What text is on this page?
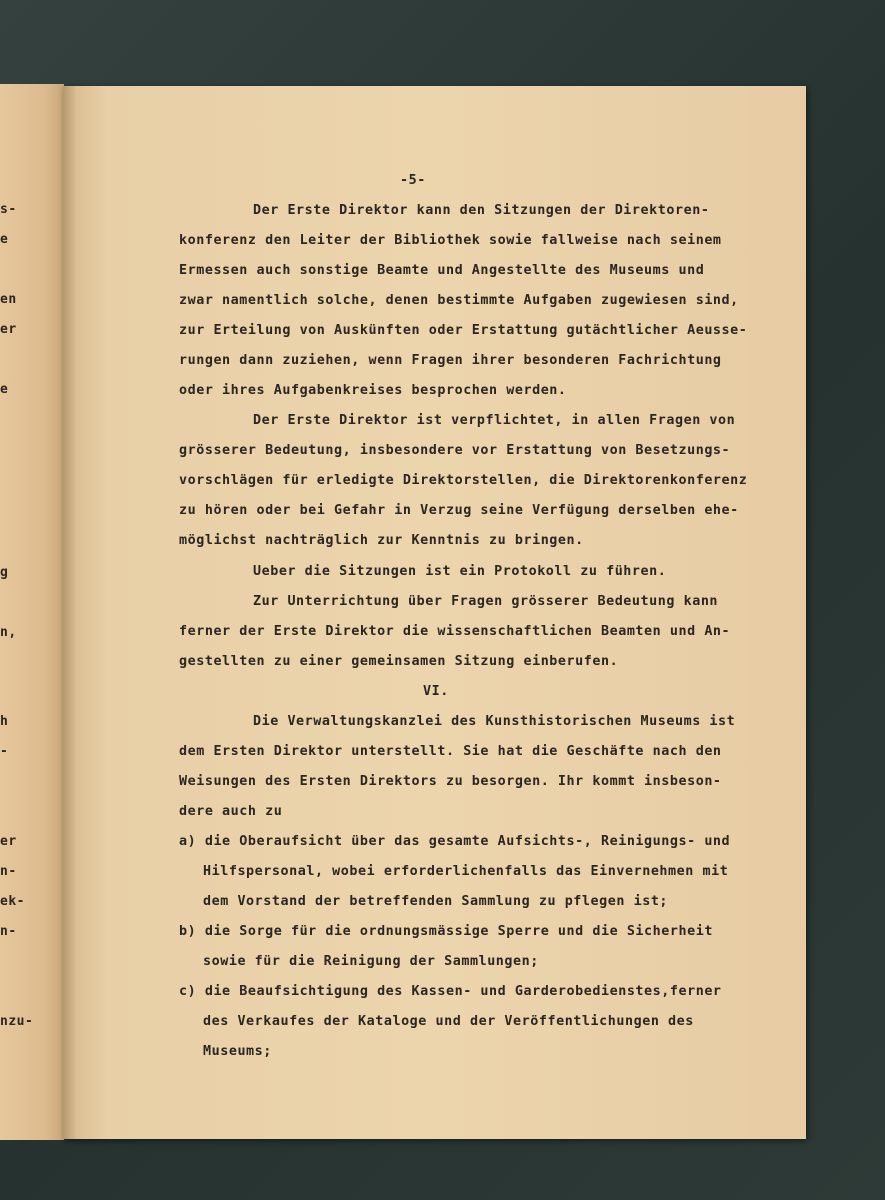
s-
e
en
er
e
g
n,
h
-
er
n-
ek-
n-
nzu-
-5-
Der Erste Direktor kann den Sitzungen der Direktoren-
konferenz den Leiter der Bibliothek sowie fallweise nach seinem
Ermessen auch sonstige Beamte und Angestellte des Museums und
zwar namentlich solche, denen bestimmte Aufgaben zugewiesen sind,
zur Erteilung von Auskünften oder Erstattung gutächtlicher Aeusse-
rungen dann zuziehen, wenn Fragen ihrer besonderen Fachrichtung
oder ihres Aufgabenkreises besprochen werden.
Der Erste Direktor ist verpflichtet, in allen Fragen von
grösserer Bedeutung, insbesondere vor Erstattung von Besetzungs-
vorschlägen für erledigte Direktorstellen, die Direktorenkonferenz
zu hören oder bei Gefahr in Verzug seine Verfügung derselben ehe-
möglichst nachträglich zur Kenntnis zu bringen.
Ueber die Sitzungen ist ein Protokoll zu führen.
Zur Unterrichtung über Fragen grösserer Bedeutung kann
ferner der Erste Direktor die wissenschaftlichen Beamten und An-
gestellten zu einer gemeinsamen Sitzung einberufen.
VI.
Die Verwaltungskanzlei des Kunsthistorischen Museums ist
dem Ersten Direktor unterstellt. Sie hat die Geschäfte nach den
Weisungen des Ersten Direktors zu besorgen. Ihr kommt insbeson-
dere auch zu
a) die Oberaufsicht über das gesamte Aufsichts-, Reinigungs- und
Hilfspersonal, wobei erforderlichenfalls das Einvernehmen mit
dem Vorstand der betreffenden Sammlung zu pflegen ist;
b) die Sorge für die ordnungsmässige Sperre und die Sicherheit
sowie für die Reinigung der Sammlungen;
c) die Beaufsichtigung des Kassen- und Garderobedienstes,ferner
des Verkaufes der Kataloge und der Veröffentlichungen des
Museums;
